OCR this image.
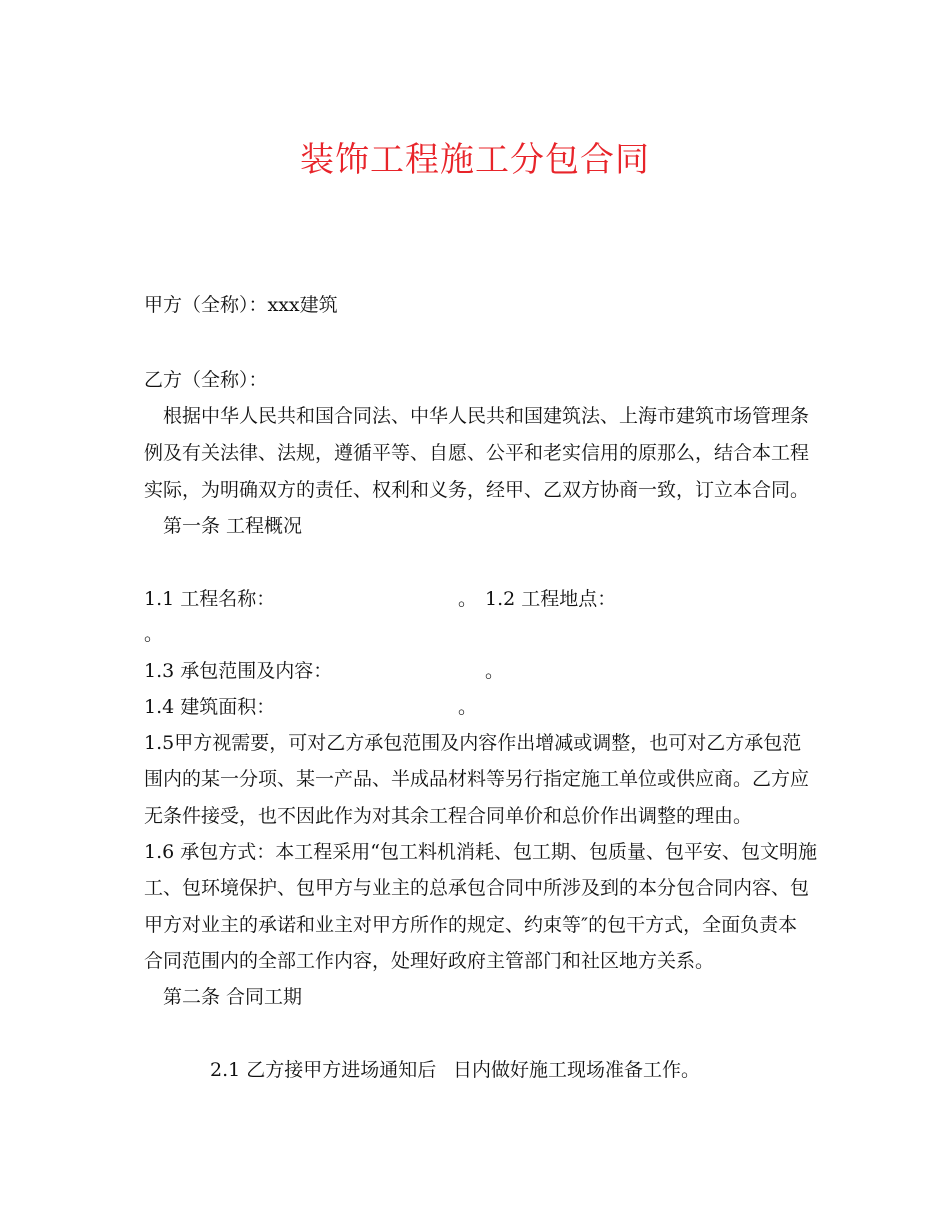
装饰工程施工分包合同
甲方（全称）：xxx建筑
乙方（全称）：
根据中华人民共和国合同法、中华人民共和国建筑法、上海市建筑市场管理条
例及有关法律、法规，遵循平等、自愿、公平和老实信用的原那么，结合本工程
实际，为明确双方的责任、权利和义务，经甲、乙双方协商一致，订立本合同。
第一条 工程概况
1.1 工程名称：	。 1.2 工程地点：
。
1.3 承包范围及内容：	。
1.4 建筑面积：	。
1.5甲方视需要，可对乙方承包范围及内容作出增减或调整，也可对乙方承包范
围内的某一分项、某一产品、半成品材料等另行指定施工单位或供应商。乙方应
无条件接受，也不因此作为对其余工程合同单价和总价作出调整的理由。
1.6 承包方式：本工程采用“包工料机消耗、包工期、包质量、包平安、包文明施
工、包环境保护、包甲方与业主的总承包合同中所涉及到的本分包合同内容、包
甲方对业主的承诺和业主对甲方所作的规定、约束等″的包干方式，全面负责本
合同范围内的全部工作内容，处理好政府主管部门和社区地方关系。
第二条 合同工期
2.1 乙方接甲方进场通知后 日内做好施工现场准备工作。
